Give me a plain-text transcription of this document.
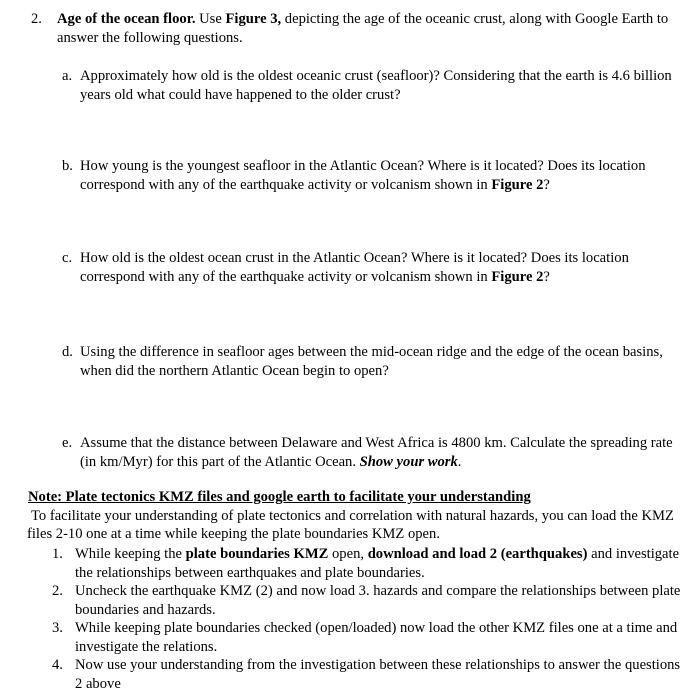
2. Age of the ocean floor. Use Figure 3, depicting the age of the oceanic crust, along with Google Earth to answer the following questions.
a. Approximately how old is the oldest oceanic crust (seafloor)? Considering that the earth is 4.6 billion years old what could have happened to the older crust?
b. How young is the youngest seafloor in the Atlantic Ocean? Where is it located? Does its location correspond with any of the earthquake activity or volcanism shown in Figure 2?
c. How old is the oldest ocean crust in the Atlantic Ocean? Where is it located? Does its location correspond with any of the earthquake activity or volcanism shown in Figure 2?
d. Using the difference in seafloor ages between the mid-ocean ridge and the edge of the ocean basins, when did the northern Atlantic Ocean begin to open?
e. Assume that the distance between Delaware and West Africa is 4800 km. Calculate the spreading rate (in km/Myr) for this part of the Atlantic Ocean. Show your work.
Note: Plate tectonics KMZ files and google earth to facilitate your understanding
To facilitate your understanding of plate tectonics and correlation with natural hazards, you can load the KMZ files 2-10 one at a time while keeping the plate boundaries KMZ open.
1. While keeping the plate boundaries KMZ open, download and load 2 (earthquakes) and investigate the relationships between earthquakes and plate boundaries.
2. Uncheck the earthquake KMZ (2) and now load 3. hazards and compare the relationships between plate boundaries and hazards.
3. While keeping plate boundaries checked (open/loaded) now load the other KMZ files one at a time and investigate the relations.
4. Now use your understanding from the investigation between these relationships to answer the questions 2 above
